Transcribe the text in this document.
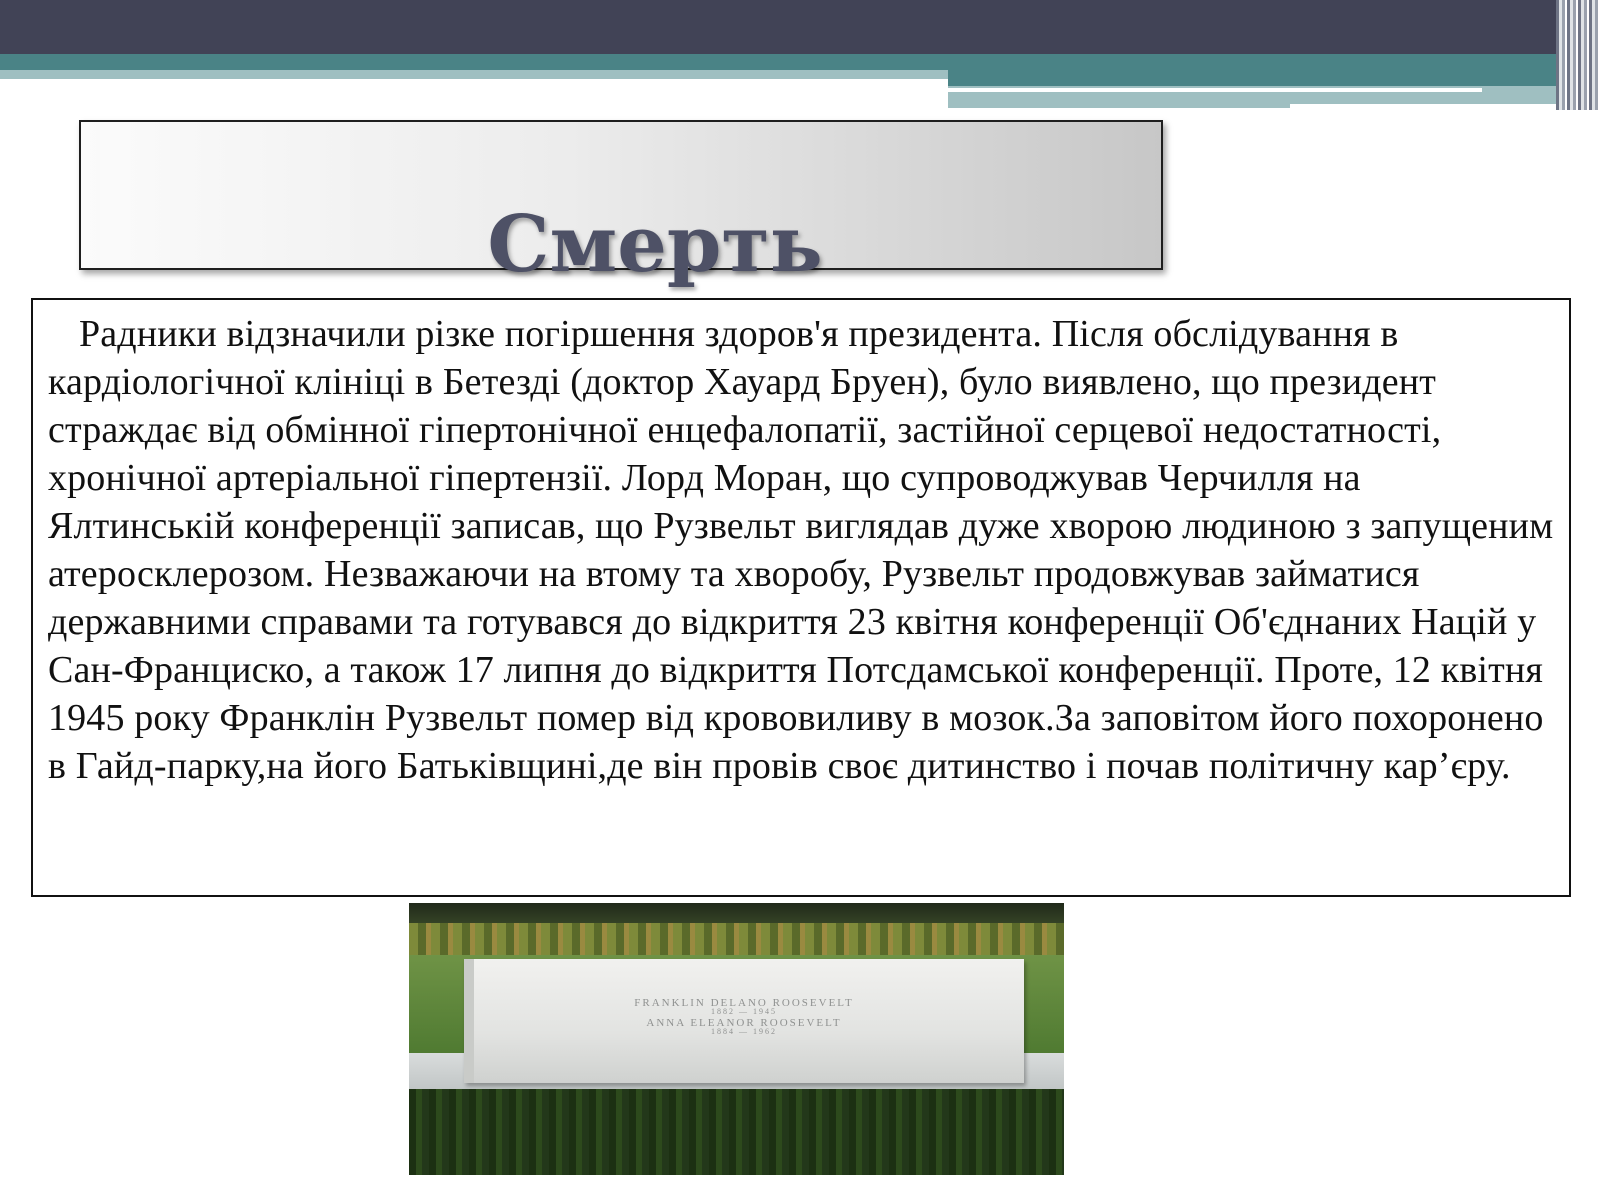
Смерть

Радники відзначили різке погіршення здоров'я президента. Після обслідування в кардіологічної клініці в Бетезді (доктор Хауард Бруен), було виявлено, що президент страждає від обмінної гіпертонічної енцефалопатії, застійної серцевої недостатності, хронічної артеріальної гіпертензії. Лорд Моран, що супроводжував Черчилля на Ялтинській конференції записав, що Рузвельт виглядав дуже хворою людиною з запущеним атеросклерозом. Незважаючи на втому та хворобу, Рузвельт продовжував займатися державними справами та готувався до відкриття 23 квітня конференції Об'єднаних Націй у Сан-Франциско, а також 17 липня до відкриття Потсдамської конференції. Проте, 12 квітня 1945 року Франклін Рузвельт помер від крововиливу в мозок.За заповітом його похоронено в Гайд-парку,на його Батьківщині,де він провів своє дитинство і почав політичну кар’єру.

FRANKLIN DELANO ROOSEVELT
1882 — 1945
ANNA ELEANOR ROOSEVELT
1884 — 1962
